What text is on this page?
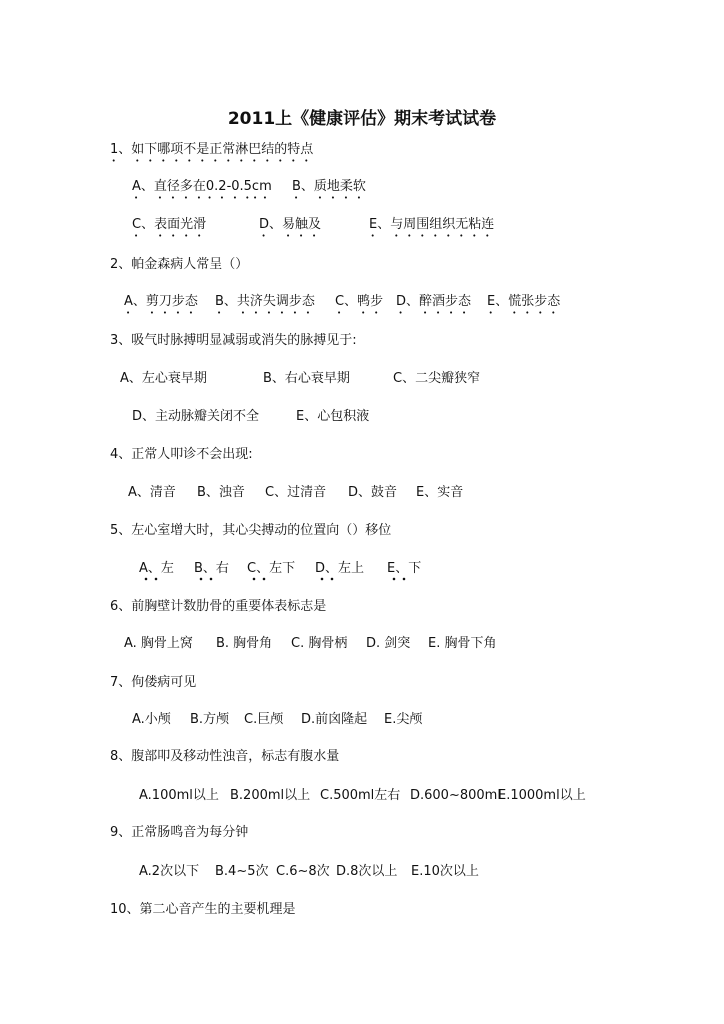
2011上《健康评估》期末考试试卷
1、如下哪项不是正常淋巴结的特点
A、直径多在0.2-0.5cm B、质地柔软
C、表面光滑	D、易触及	E、与周围组织无粘连
2、帕金森病人常呈（）
A、剪刀步态 B、共济失调步态 C、鸭步 D、醉酒步态 E、慌张步态
3、吸气时脉搏明显减弱或消失的脉搏见于:
A、左心衰早期	B、右心衰早期	C、二尖瓣狭窄
D、主动脉瓣关闭不全	E、心包积液
4、正常人叩诊不会出现:
A、清音 B、浊音 C、过清音 D、鼓音 E、实音
5、左心室增大时，其心尖搏动的位置向（）移位
A、左 B、右 C、左下 D、左上 E、下
6、前胸壁计数肋骨的重要体表标志是
A. 胸骨上窝 B. 胸骨角 C. 胸骨柄 D. 剑突 E. 胸骨下角
7、佝偻病可见
A.小颅 B.方颅 C.巨颅 D.前囟隆起 E.尖颅
8、腹部叩及移动性浊音，标志有腹水量
A.100ml以上 B.200ml以上 C.500ml左右 D.600~800ml
E.1000ml以上
9、正常肠鸣音为每分钟
A.2次以下 B.4~5次 C.6~8次 D.8次以上 E.10次以上
10、第二心音产生的主要机理是
